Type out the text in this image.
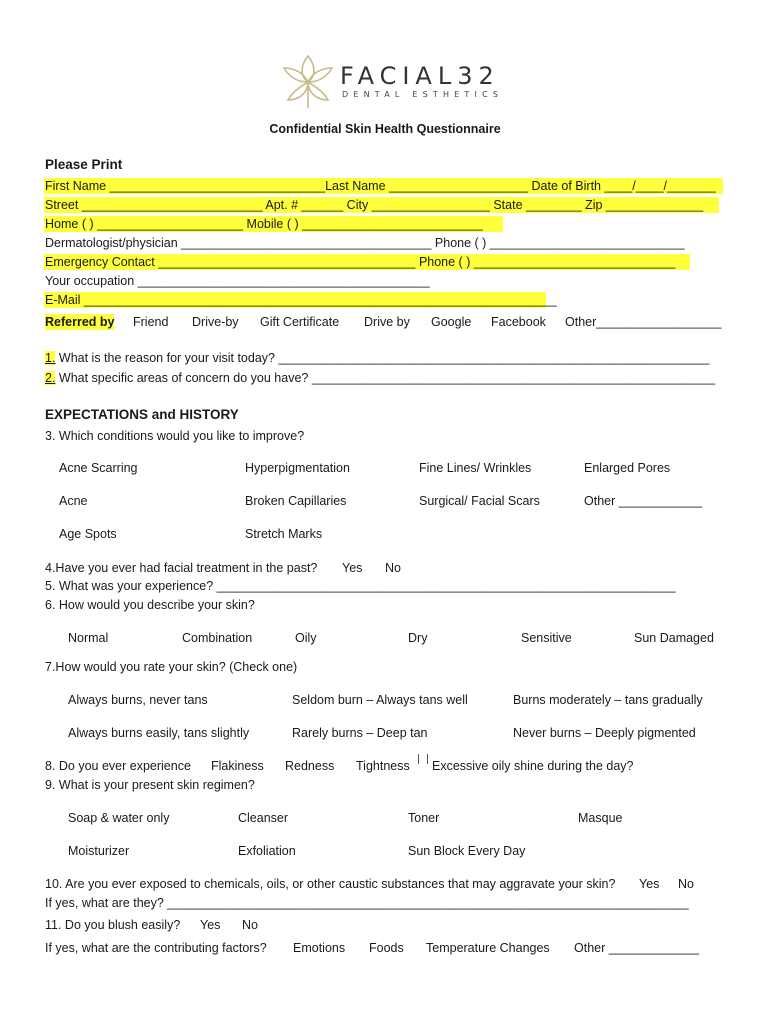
FACIAL32
DENTAL ESTHETICS
Confidential Skin Health Questionnaire
Please Print
First Name _______________________________Last Name ____________________ Date of Birth ____/____/_______
Street __________________________ Apt. # ______ City _________________ State ________ Zip ______________
Home ( ) _____________________ Mobile ( ) __________________________
Dermatologist/physician ____________________________________ Phone ( ) ____________________________
Emergency Contact _____________________________________ Phone ( ) _____________________________
Your occupation __________________________________________
E-Mail ____________________________________________________________________
Referred by Friend Drive-by Gift Certificate Drive by Google Facebook Other__________________
1. What is the reason for your visit today? ______________________________________________________________
2. What specific areas of concern do you have? __________________________________________________________
EXPECTATIONS and HISTORY
3. Which conditions would you like to improve?
Acne Scarring	Hyperpigmentation	Fine Lines/ Wrinkles	Enlarged Pores
Acne	Broken Capillaries	Surgical/ Facial Scars	Other ____________
Age Spots	Stretch Marks
4.Have you ever had facial treatment in the past? Yes No
5. What was your experience? __________________________________________________________________
6. How would you describe your skin?
Normal	Combination	Oily	Dry	Sensitive	Sun Damaged
7.How would you rate your skin? (Check one)
Always burns, never tans	Seldom burn – Always tans well	Burns moderately – tans gradually
Always burns easily, tans slightly	Rarely burns – Deep tan	Never burns – Deeply pigmented
8. Do you ever experience Flakiness Redness Tightness Excessive oily shine during the day?
9. What is your present skin regimen?
Soap & water only	Cleanser	Toner	Masque
Moisturizer	Exfoliation	Sun Block Every Day
10. Are you ever exposed to chemicals, oils, or other caustic substances that may aggravate your skin? Yes No
If yes, what are they? ___________________________________________________________________________
11. Do you blush easily? Yes No
If yes, what are the contributing factors? Emotions Foods Temperature Changes Other _____________
